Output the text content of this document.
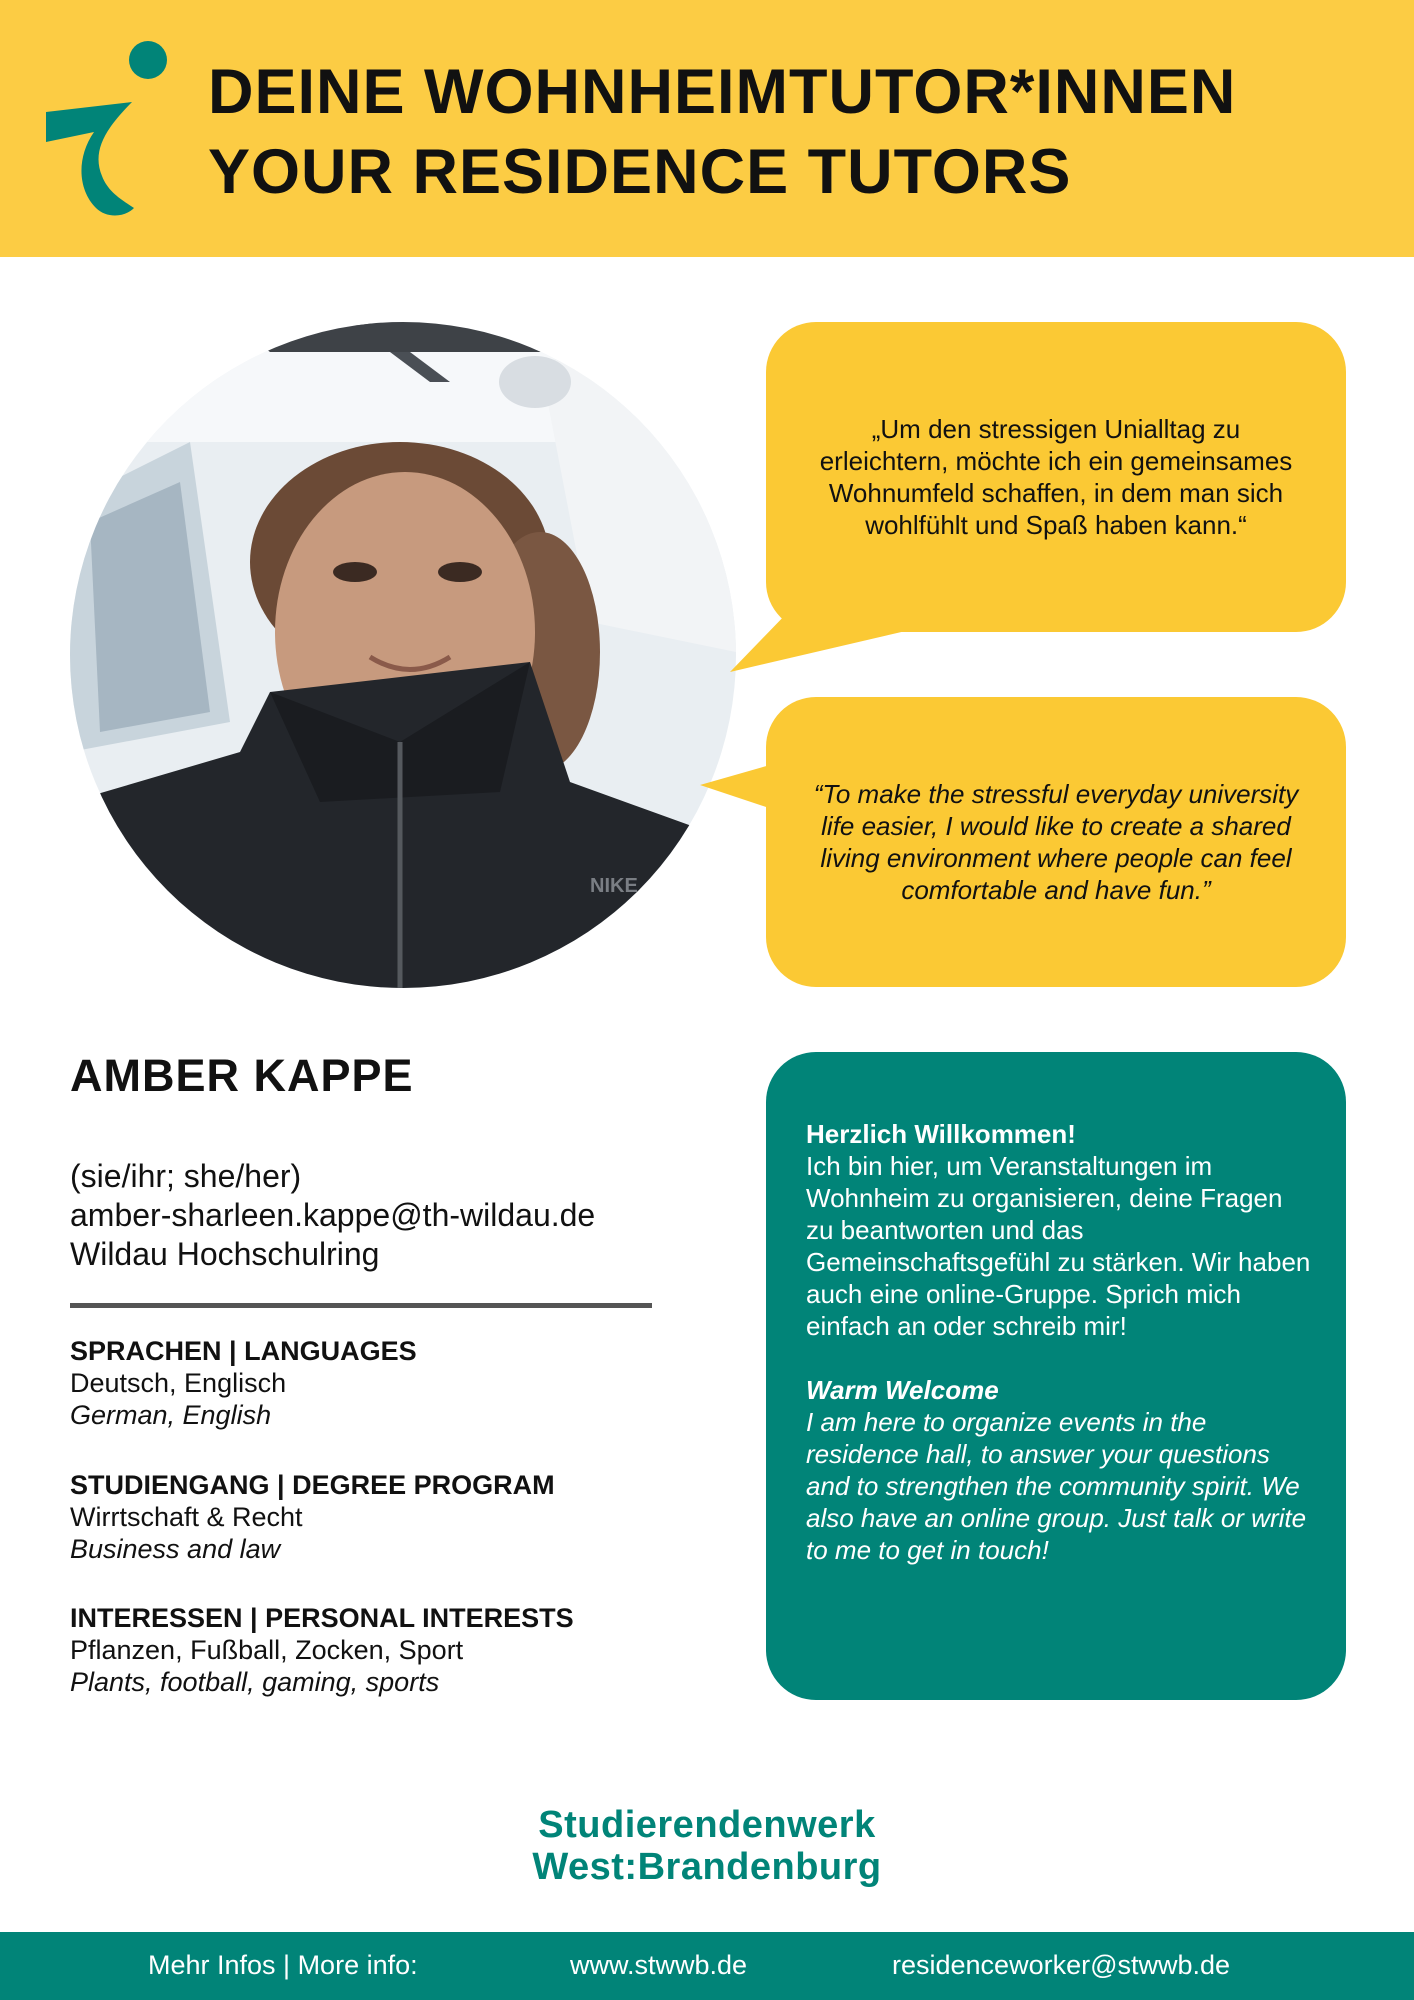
DEINE WOHNHEIMTUTOR*INNEN
YOUR RESIDENCE TUTORS
NIKE

„Um den stressigen Unialltag zu erleichtern, möchte ich ein gemeinsames Wohnumfeld schaffen, in dem man sich wohlfühlt und Spaß haben kann.“

“To make the stressful everyday university life easier, I would like to create a shared living environment where people can feel comfortable and have fun.”

AMBER KAPPE
(sie/ihr; she/her)
amber-sharleen.kappe@th-wildau.de
Wildau Hochschulring
SPRACHEN | LANGUAGES
Deutsch, Englisch
German, English
STUDIENGANG | DEGREE PROGRAM
Wirrtschaft & Recht
Business and law
INTERESSEN | PERSONAL INTERESTS
Pflanzen, Fußball, Zocken, Sport
Plants, football, gaming, sports
Herzlich Willkommen!
Ich bin hier, um Veranstaltungen im Wohnheim zu organisieren, deine Fragen zu beantworten und das Gemeinschaftsgefühl zu stärken. Wir haben auch eine online-Gruppe. Sprich mich einfach an oder schreib mir!
Warm Welcome
I am here to organize events in the residence hall, to answer your questions and to strengthen the community spirit. We also have an online group. Just talk or write to me to get in touch!
Studierendenwerk
West:Brandenburg
Mehr Infos | More info:	www.stwwb.de	residenceworker@stwwb.de
